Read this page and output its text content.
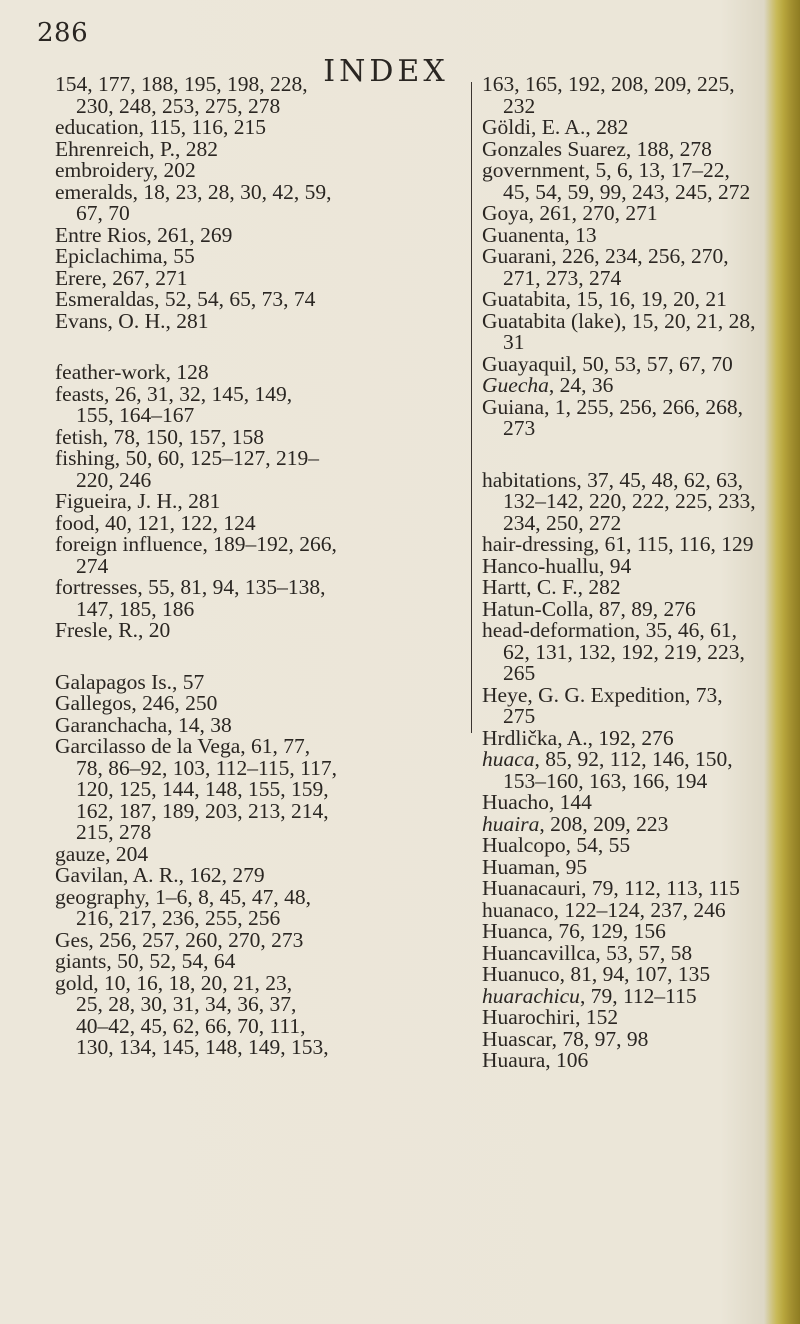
286
INDEX
154, 177, 188, 195, 198, 228,
230, 248, 253, 275, 278
education, 115, 116, 215
Ehrenreich, P., 282
embroidery, 202
emeralds, 18, 23, 28, 30, 42, 59,
67, 70
Entre Rios, 261, 269
Epiclachima, 55
Erere, 267, 271
Esmeraldas, 52, 54, 65, 73, 74
Evans, O. H., 281
feather-work, 128
feasts, 26, 31, 32, 145, 149,
155, 164–167
fetish, 78, 150, 157, 158
fishing, 50, 60, 125–127, 219–
220, 246
Figueira, J. H., 281
food, 40, 121, 122, 124
foreign influence, 189–192, 266,
274
fortresses, 55, 81, 94, 135–138,
147, 185, 186
Fresle, R., 20
Galapagos Is., 57
Gallegos, 246, 250
Garanchacha, 14, 38
Garcilasso de la Vega, 61, 77,
78, 86–92, 103, 112–115, 117,
120, 125, 144, 148, 155, 159,
162, 187, 189, 203, 213, 214,
215, 278
gauze, 204
Gavilan, A. R., 162, 279
geography, 1–6, 8, 45, 47, 48,
216, 217, 236, 255, 256
Ges, 256, 257, 260, 270, 273
giants, 50, 52, 54, 64
gold, 10, 16, 18, 20, 21, 23,
25, 28, 30, 31, 34, 36, 37,
40–42, 45, 62, 66, 70, 111,
130, 134, 145, 148, 149, 153,
163, 165, 192, 208, 209, 225,
232
Göldi, E. A., 282
Gonzales Suarez, 188, 278
government, 5, 6, 13, 17–22,
45, 54, 59, 99, 243, 245, 272
Goya, 261, 270, 271
Guanenta, 13
Guarani, 226, 234, 256, 270,
271, 273, 274
Guatabita, 15, 16, 19, 20, 21
Guatabita (lake), 15, 20, 21, 28,
31
Guayaquil, 50, 53, 57, 67, 70
Guecha, 24, 36
Guiana, 1, 255, 256, 266, 268,
273
habitations, 37, 45, 48, 62, 63,
132–142, 220, 222, 225, 233,
234, 250, 272
hair-dressing, 61, 115, 116, 129
Hanco-huallu, 94
Hartt, C. F., 282
Hatun-Colla, 87, 89, 276
head-deformation, 35, 46, 61,
62, 131, 132, 192, 219, 223,
265
Heye, G. G. Expedition, 73,
275
Hrdlička, A., 192, 276
huaca, 85, 92, 112, 146, 150,
153–160, 163, 166, 194
Huacho, 144
huaira, 208, 209, 223
Hualcopo, 54, 55
Huaman, 95
Huanacauri, 79, 112, 113, 115
huanaco, 122–124, 237, 246
Huanca, 76, 129, 156
Huancavillca, 53, 57, 58
Huanuco, 81, 94, 107, 135
huarachicu, 79, 112–115
Huarochiri, 152
Huascar, 78, 97, 98
Huaura, 106
